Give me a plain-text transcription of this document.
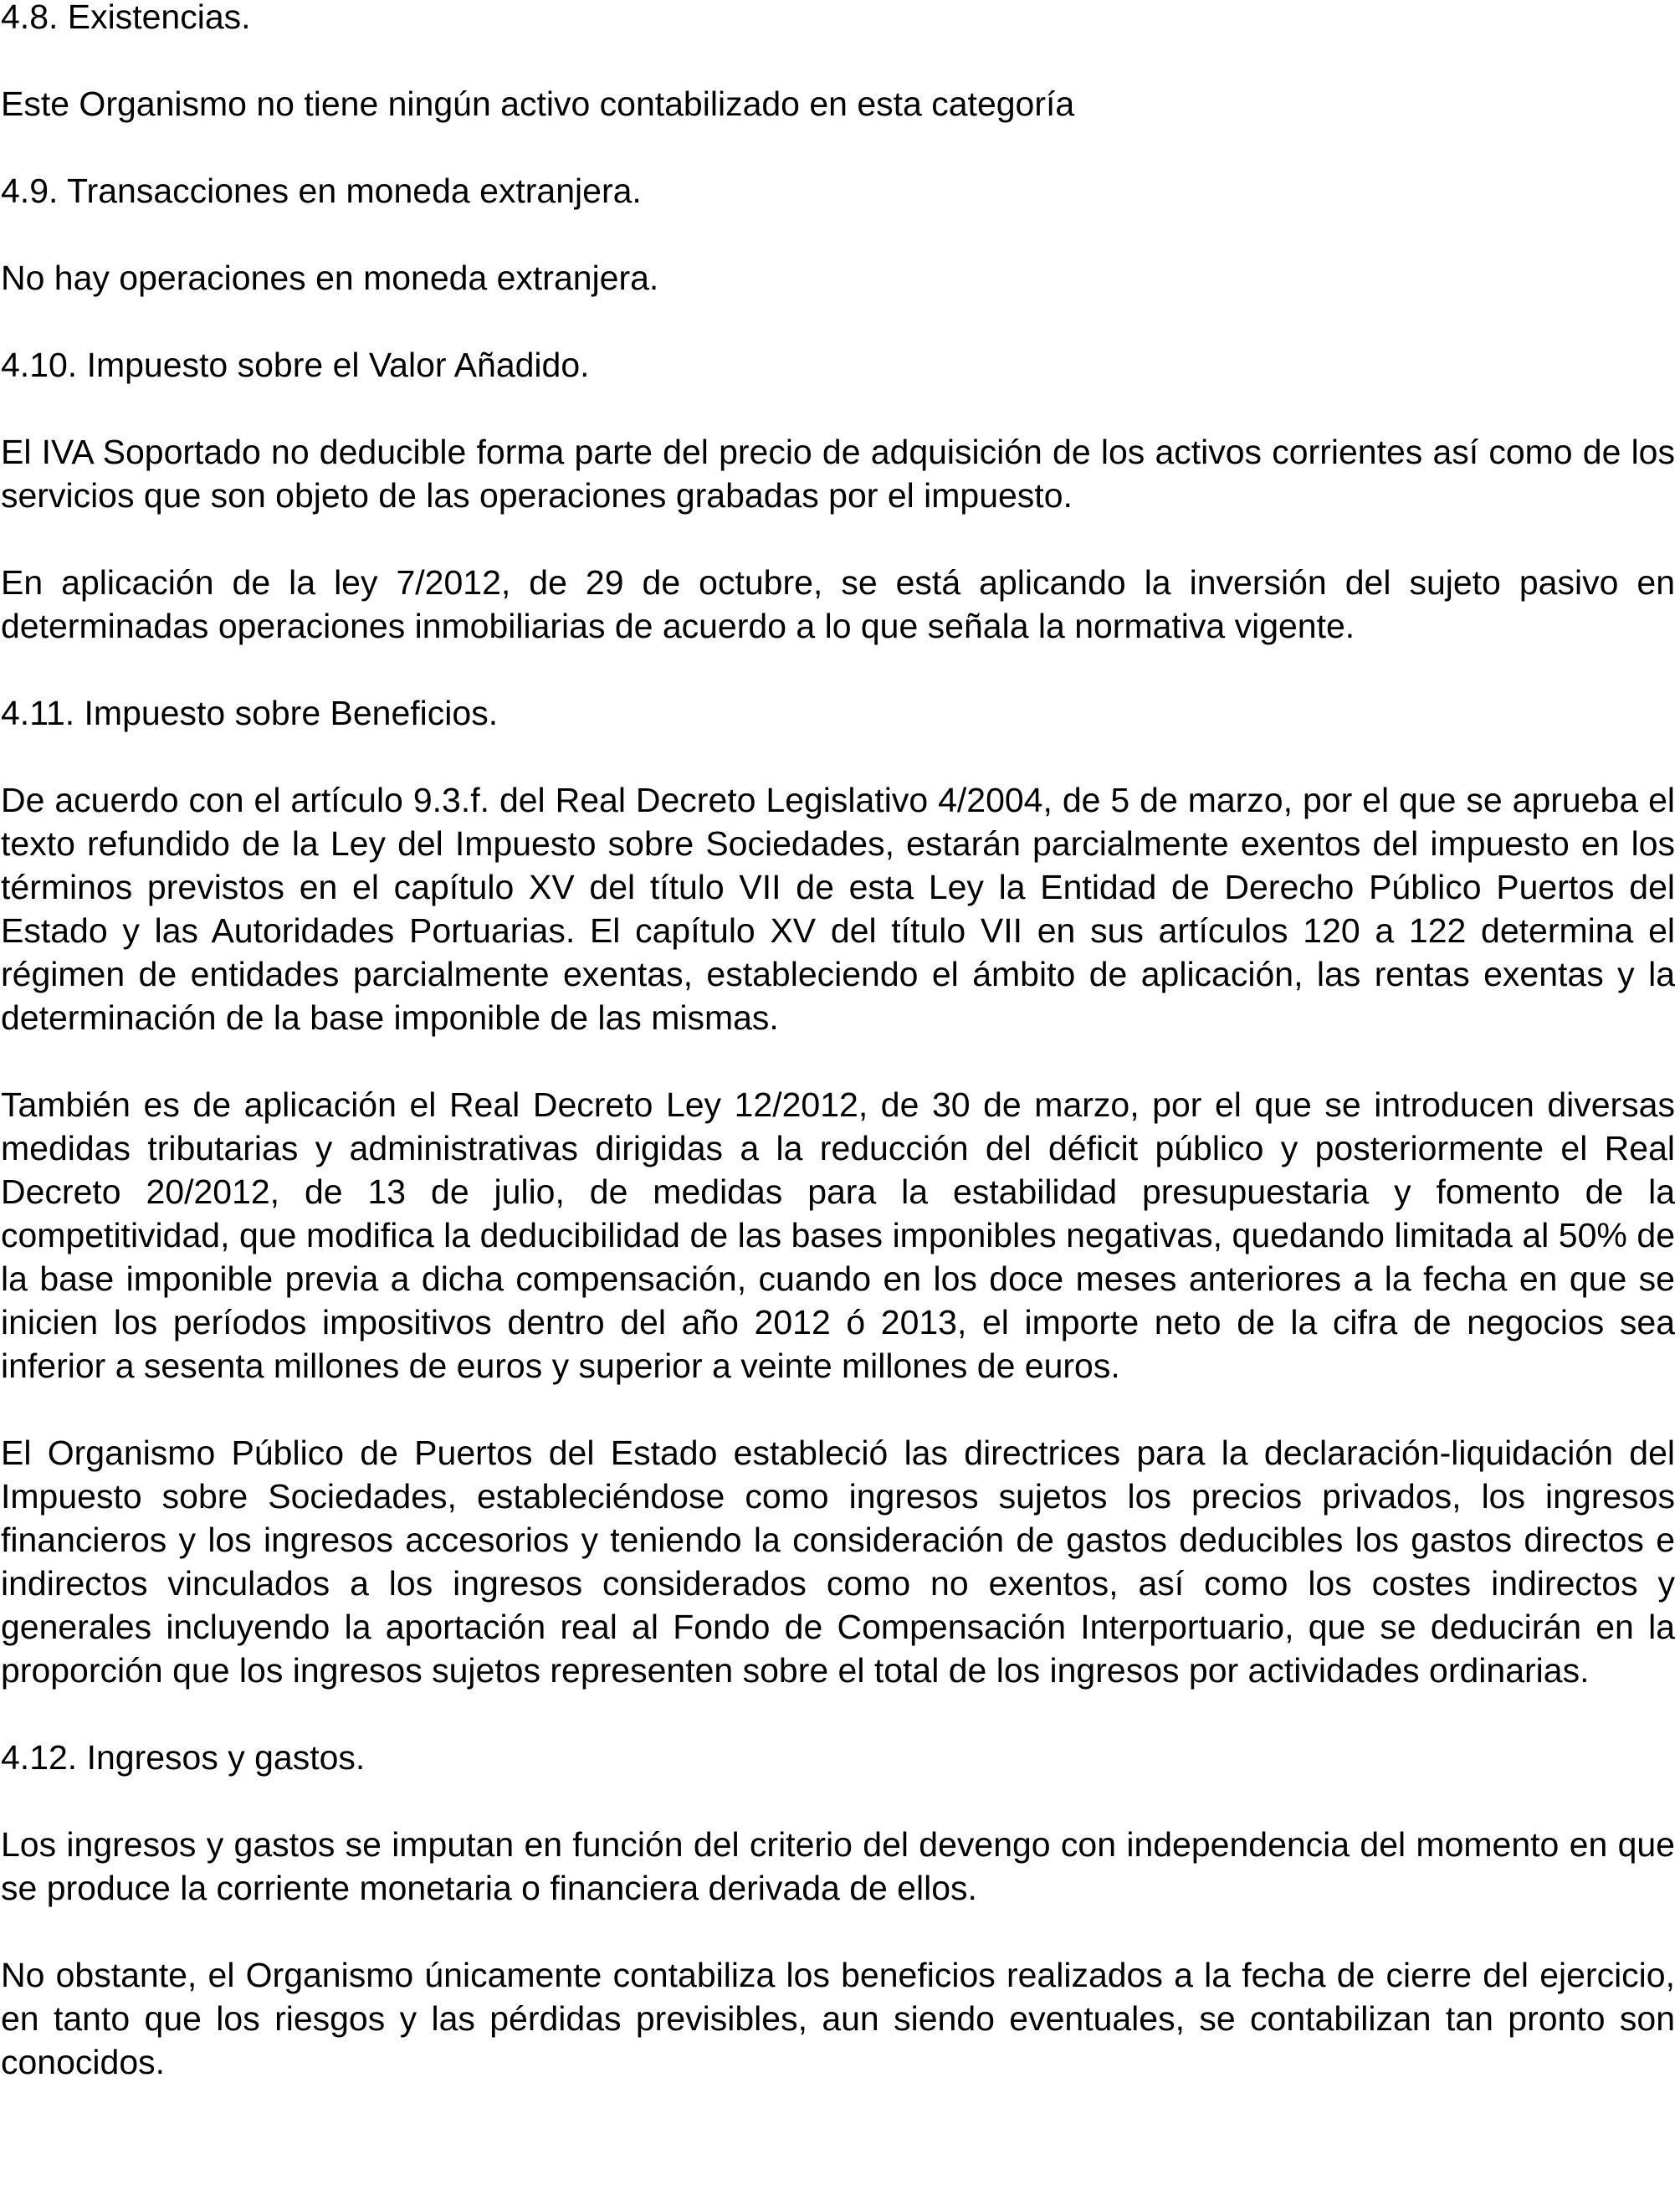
4.8. Existencias.

Este Organismo no tiene ningún activo contabilizado en esta categoría

4.9. Transacciones en moneda extranjera.

No hay operaciones en moneda extranjera.

4.10. Impuesto sobre el Valor Añadido.

El IVA Soportado no deducible forma parte del precio de adquisición de los activos corrientes así como de los servicios que son objeto de las operaciones grabadas por el impuesto.

En aplicación de la ley 7/2012, de 29 de octubre, se está aplicando la inversión del sujeto pasivo en determinadas operaciones inmobiliarias de acuerdo a lo que señala la normativa vigente.

4.11. Impuesto sobre Beneficios.

De acuerdo con el artículo 9.3.f. del Real Decreto Legislativo 4/2004, de 5 de marzo, por el que se aprueba el texto refundido de la Ley del Impuesto sobre Sociedades, estarán parcialmente exentos del impuesto en los términos previstos en el capítulo XV del título VII de esta Ley la Entidad de Derecho Público Puertos del Estado y las Autoridades Portuarias. El capítulo XV del título VII en sus artículos 120 a 122 determina el régimen de entidades parcialmente exentas, estableciendo el ámbito de aplicación, las rentas exentas y la determinación de la base imponible de las mismas.

También es de aplicación el Real Decreto Ley 12/2012, de 30 de marzo, por el que se introducen diversas medidas tributarias y administrativas dirigidas a la reducción del déficit público y posteriormente el Real Decreto 20/2012, de 13 de julio, de medidas para la estabilidad presupuestaria y fomento de la competitividad, que modifica la deducibilidad de las bases imponibles negativas, quedando limitada al 50% de la base imponible previa a dicha compensación, cuando en los doce meses anteriores a la fecha en que se inicien los períodos impositivos dentro del año 2012 ó 2013, el importe neto de la cifra de negocios sea inferior a sesenta millones de euros y superior a veinte millones de euros.

El Organismo Público de Puertos del Estado estableció las directrices para la declaración-liquidación del Impuesto sobre Sociedades, estableciéndose como ingresos sujetos los precios privados, los ingresos financieros y los ingresos accesorios y teniendo la consideración de gastos deducibles los gastos directos e indirectos vinculados a los ingresos considerados como no exentos, así como los costes indirectos y generales incluyendo la aportación real al Fondo de Compensación Interportuario, que se deducirán en la proporción que los ingresos sujetos representen sobre el total de los ingresos por actividades ordinarias.

4.12. Ingresos y gastos.

Los ingresos y gastos se imputan en función del criterio del devengo con independencia del momento en que se produce la corriente monetaria o financiera derivada de ellos.

No obstante, el Organismo únicamente contabiliza los beneficios realizados a la fecha de cierre del ejercicio, en tanto que los riesgos y las pérdidas previsibles, aun siendo eventuales, se contabilizan tan pronto son conocidos.
